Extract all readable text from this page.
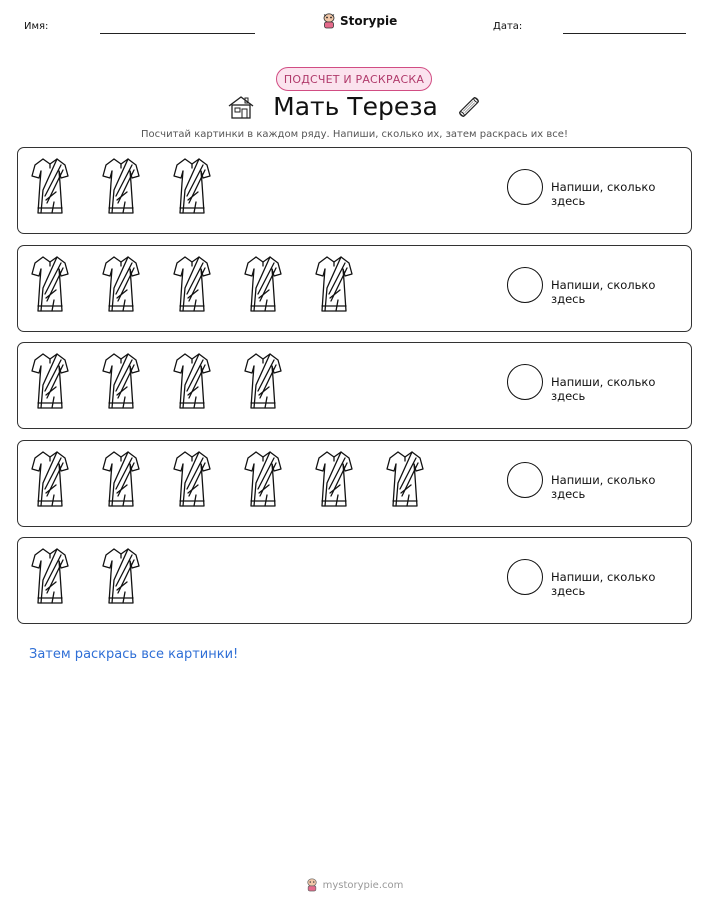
Имя:	Storypie	Дата:
ПОДСЧЕТ И РАСКРАСКА
Мать Тереза
Посчитай картинки в каждом ряду. Напиши, сколько их, затем раскрась их все!
Напиши, сколько здесь
Напиши, сколько здесь
Напиши, сколько здесь
Напиши, сколько здесь
Напиши, сколько здесь
Затем раскрась все картинки!
mystorypie.com
